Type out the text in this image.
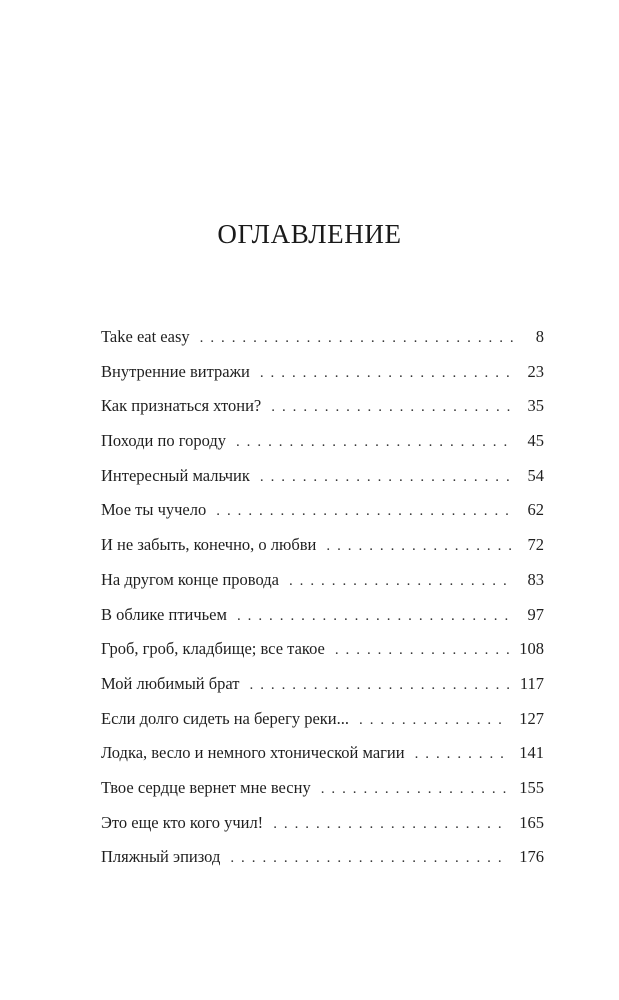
ОГЛАВЛЕНИЕ
Take eat easy . . .	8
Внутренние витражи . . .	23
Как признаться хтони? . . .	35
Походи по городу . . .	45
Интересный мальчик . . .	54
Мое ты чучело . . .	62
И не забыть, конечно, о любви . . .	72
На другом конце провода . . .	83
В облике птичьем . . .	97
Гроб, гроб, кладбище; все такое . . .	108
Мой любимый брат . . .	117
Если долго сидеть на берегу реки... . . .	127
Лодка, весло и немного хтонической магии . . .	141
Твое сердце вернет мне весну . . .	155
Это еще кто кого учил! . . .	165
Пляжный эпизод . . .	176
